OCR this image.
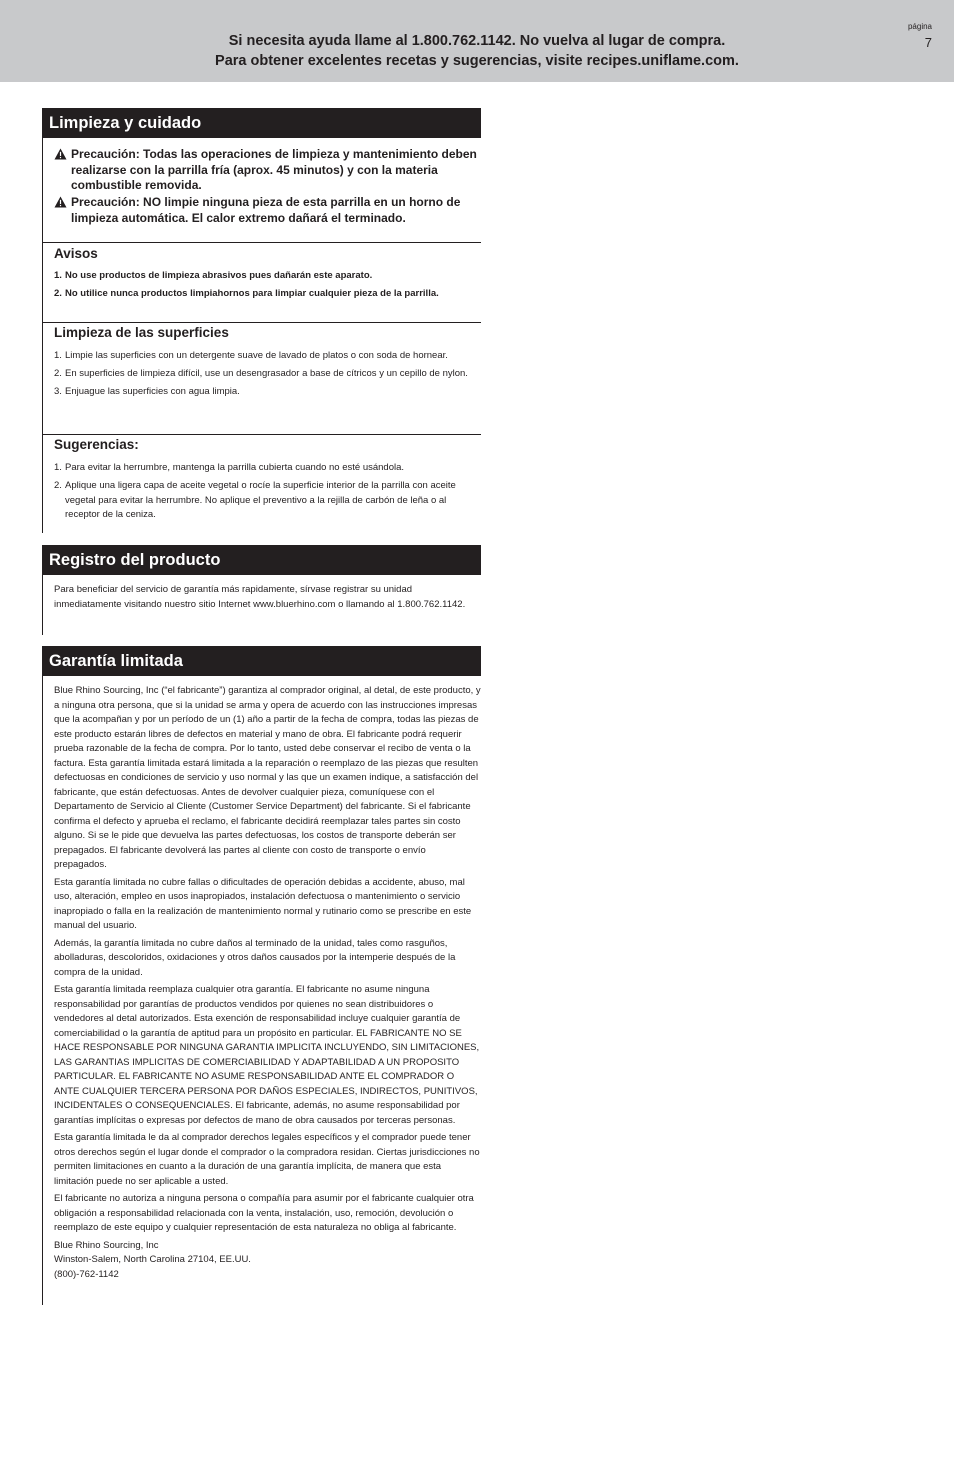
Si necesita ayuda llame al 1.800.762.1142. No vuelva al lugar de compra.
Para obtener excelentes recetas y sugerencias, visite recipes.uniflame.com.
página
7
Limpieza y cuidado
Precaución: Todas las operaciones de limpieza y mantenimiento deben realizarse con la parrilla fría (aprox. 45 minutos) y con la materia combustible removida.
Precaución: NO limpie ninguna pieza de esta parrilla en un horno de limpieza automática. El calor extremo dañará el terminado.
Avisos
1. No use productos de limpieza abrasivos pues dañarán este aparato.
2. No utilice nunca productos limpiahornos para limpiar cualquier pieza de la parrilla.
Limpieza de las superficies
1. Limpie las superficies con un detergente suave de lavado de platos o con soda de hornear.
2. En superficies de limpieza difícil, use un desengrasador a base de cítricos y un cepillo de nylon.
3. Enjuague las superficies con agua limpia.
Sugerencias:
1. Para evitar la herrumbre, mantenga la parrilla cubierta cuando no esté usándola.
2. Aplique una ligera capa de aceite vegetal o rocíe la superficie interior de la parrilla con aceite vegetal para evitar la herrumbre. No aplique el preventivo a la rejilla de carbón de leña o al receptor de la ceniza.
Registro del producto

Para beneficiar del servicio de garantía más rapidamente, sírvase registrar su unidad inmediatamente visitando nuestro sitio Internet www.bluerhino.com o llamando al 1.800.762.1142.

Garantía limitada

Blue Rhino Sourcing, Inc (“el fabricante”) garantiza al comprador original, al detal, de este producto, y a ninguna otra persona, que si la unidad se arma y opera de acuerdo con las instrucciones impresas que la acompañan y por un período de un (1) año a partir de la fecha de compra, todas las piezas de este producto estarán libres de defectos en material y mano de obra. El fabricante podrá requerir prueba razonable de la fecha de compra. Por lo tanto, usted debe conservar el recibo de venta o la factura. Esta garantía limitada estará limitada a la reparación o reemplazo de las piezas que resulten defectuosas en condiciones de servicio y uso normal y las que un examen indique, a satisfacción del fabricante, que están defectuosas. Antes de devolver cualquier pieza, comuníquese con el Departamento de Servicio al Cliente (Customer Service Department) del fabricante. Si el fabricante confirma el defecto y aprueba el reclamo, el fabricante decidirá reemplazar tales partes sin costo alguno. Si se le pide que devuelva las partes defectuosas, los costos de transporte deberán ser prepagados. El fabricante devolverá las partes al cliente con costo de transporte o envío prepagados.

Esta garantía limitada no cubre fallas o dificultades de operación debidas a accidente, abuso, mal uso, alteración, empleo en usos inapropiados, instalación defectuosa o mantenimiento o servicio inapropiado o falla en la realización de mantenimiento normal y rutinario como se prescribe en este manual del usuario.

Además, la garantía limitada no cubre daños al terminado de la unidad, tales como rasguños, abolladuras, descoloridos, oxidaciones y otros daños causados por la intemperie después de la compra de la unidad.

Esta garantía limitada reemplaza cualquier otra garantía. El fabricante no asume ninguna responsabilidad por garantías de productos vendidos por quienes no sean distribuidores o vendedores al detal autorizados. Esta exención de responsabilidad incluye cualquier garantía de comerciabilidad o la garantía de aptitud para un propósito en particular. EL FABRICANTE NO SE HACE RESPONSABLE POR NINGUNA GARANTIA IMPLICITA INCLUYENDO, SIN LIMITACIONES, LAS GARANTIAS IMPLICITAS DE COMERCIABILIDAD Y ADAPTABILIDAD A UN PROPOSITO PARTICULAR. EL FABRICANTE NO ASUME RESPONSABILIDAD ANTE EL COMPRADOR O ANTE CUALQUIER TERCERA PERSONA POR DAÑOS ESPECIALES, INDIRECTOS, PUNITIVOS, INCIDENTALES O CONSEQUENCIALES. El fabricante, además, no asume responsabilidad por garantías implícitas o expresas por defectos de mano de obra causados por terceras personas.

Esta garantía limitada le da al comprador derechos legales específicos y el comprador puede tener otros derechos según el lugar donde el comprador o la compradora residan. Ciertas jurisdicciones no permiten limitaciones en cuanto a la duración de una garantía implícita, de manera que esta limitación puede no ser aplicable a usted.

El fabricante no autoriza a ninguna persona o compañía para asumir por el fabricante cualquier otra obligación a responsabilidad relacionada con la venta, instalación, uso, remoción, devolución o reemplazo de este equipo y cualquier representación de esta naturaleza no obliga al fabricante.

Blue Rhino Sourcing, Inc
Winston-Salem, North Carolina 27104, EE.UU.
(800)-762-1142
